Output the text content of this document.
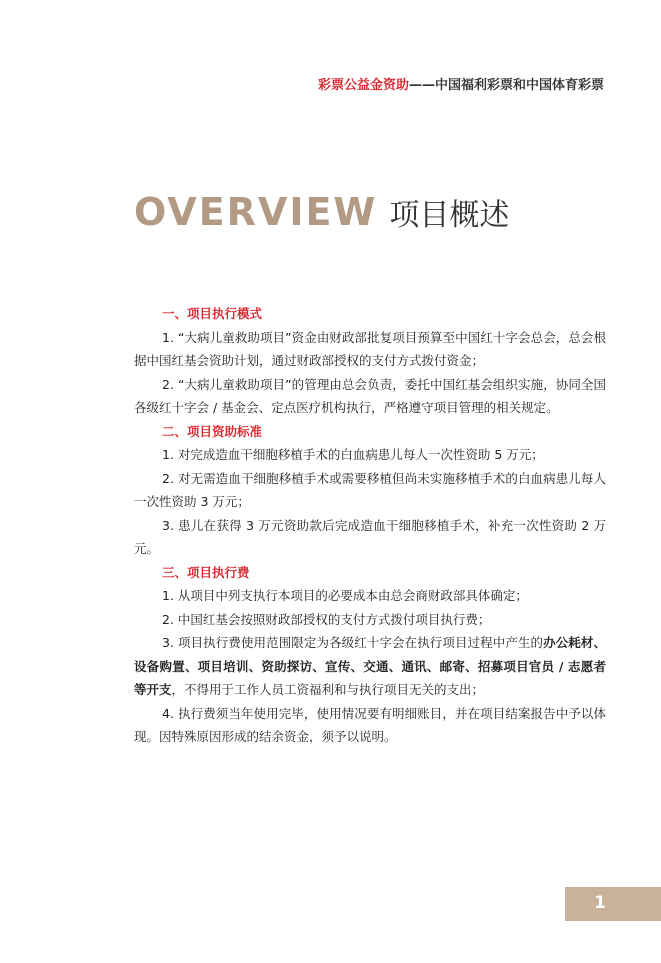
彩票公益金资助——中国福利彩票和中国体育彩票
OVERVIEW 项目概述
一、项目执行模式

1. “大病儿童救助项目”资金由财政部批复项目预算至中国红十字会总会，总会根据中国红基会资助计划，通过财政部授权的支付方式拨付资金；

2. “大病儿童救助项目”的管理由总会负责，委托中国红基会组织实施，协同全国各级红十字会 / 基金会、定点医疗机构执行，严格遵守项目管理的相关规定。

二、项目资助标准

1. 对完成造血干细胞移植手术的白血病患儿每人一次性资助 5 万元；

2. 对无需造血干细胞移植手术或需要移植但尚未实施移植手术的白血病患儿每人一次性资助 3 万元；

3. 患儿在获得 3 万元资助款后完成造血干细胞移植手术，补充一次性资助 2 万元。

三、项目执行费

1. 从项目中列支执行本项目的必要成本由总会商财政部具体确定；

2. 中国红基会按照财政部授权的支付方式拨付项目执行费；

3. 项目执行费使用范围限定为各级红十字会在执行项目过程中产生的办公耗材、设备购置、项目培训、资助探访、宣传、交通、通讯、邮寄、招募项目官员 / 志愿者等开支，不得用于工作人员工资福利和与执行项目无关的支出；

4. 执行费须当年使用完毕，使用情况要有明细账目，并在项目结案报告中予以体现。因特殊原因形成的结余资金，须予以说明。

1
